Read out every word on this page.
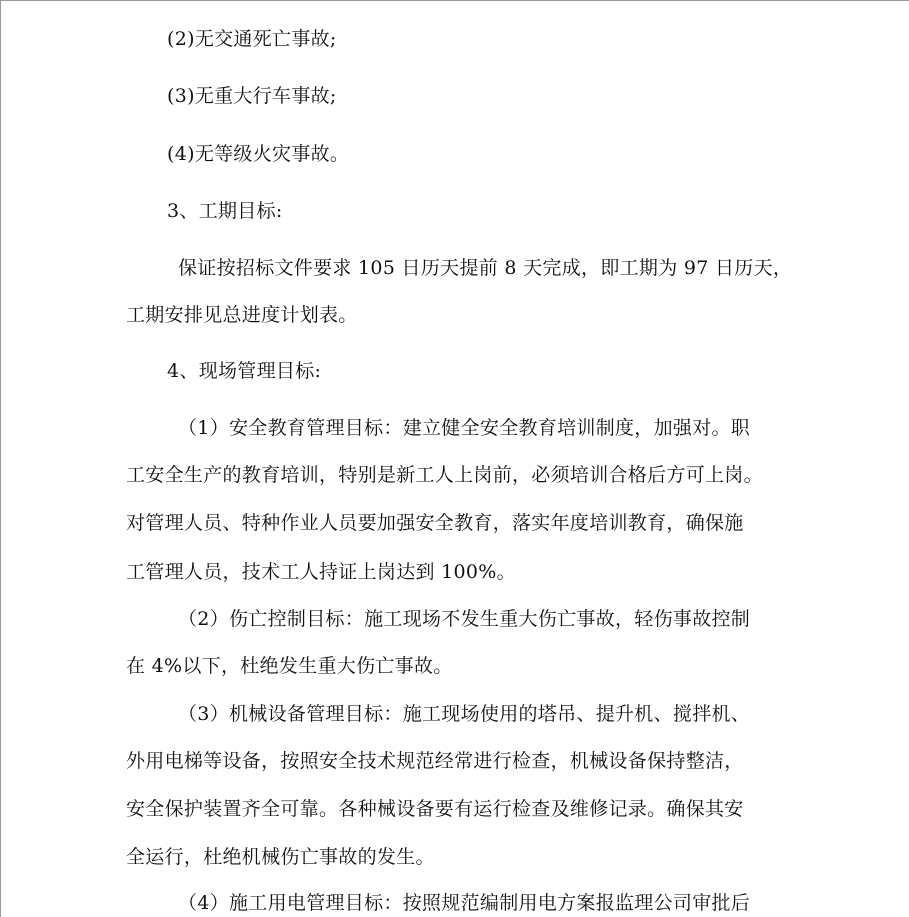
(2)无交通死亡事故;
(3)无重大行车事故;
(4)无等级火灾事故。
3、工期目标:
保证按招标文件要求 105 日历天提前 8 天完成，即工期为 97 日历天，
工期安排见总进度计划表。
4、现场管理目标:
（1）安全教育管理目标：建立健全安全教育培训制度，加强对。职
工安全生产的教育培训，特别是新工人上岗前，必须培训合格后方可上岗。
对管理人员、特种作业人员要加强安全教育，落实年度培训教育，确保施
工管理人员，技术工人持证上岗达到 100%。
（2）伤亡控制目标：施工现场不发生重大伤亡事故，轻伤事故控制
在 4%以下，杜绝发生重大伤亡事故。
（3）机械设备管理目标：施工现场使用的塔吊、提升机、搅拌机、
外用电梯等设备，按照安全技术规范经常进行检查，机械设备保持整洁，
安全保护装置齐全可靠。各种械设备要有运行检查及维修记录。确保其安
全运行，杜绝机械伤亡事故的发生。
（4）施工用电管理目标：按照规范编制用电方案报监理公司审批后
